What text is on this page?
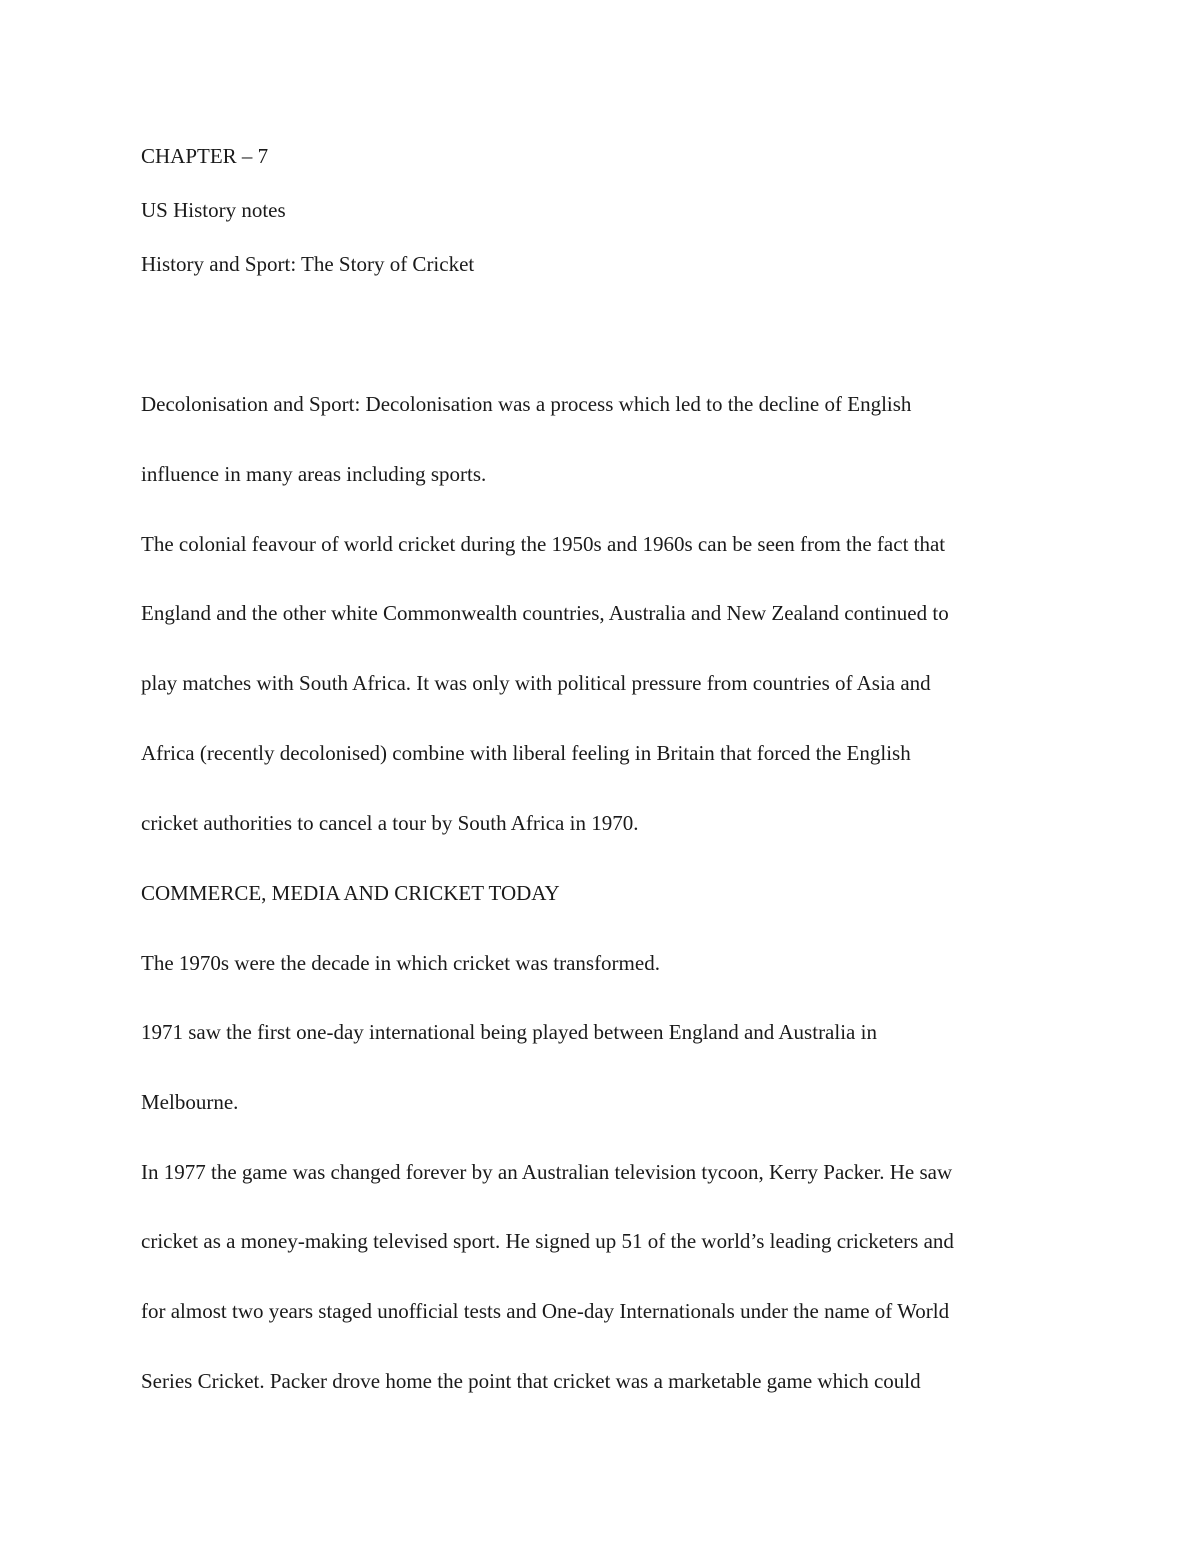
CHAPTER – 7

US History notes

History and Sport: The Story of Cricket

Decolonisation and Sport: Decolonisation was a process which led to the decline of English

influence in many areas including sports.

The colonial feavour of world cricket during the 1950s and 1960s can be seen from the fact that

England and the other white Commonwealth countries, Australia and New Zealand continued to

play matches with South Africa. It was only with political pressure from countries of Asia and

Africa (recently decolonised) combine with liberal feeling in Britain that forced the English

cricket authorities to cancel a tour by South Africa in 1970.

COMMERCE, MEDIA AND CRICKET TODAY

The 1970s were the decade in which cricket was transformed.

1971 saw the first one-day international being played between England and Australia in

Melbourne.

In 1977 the game was changed forever by an Australian television tycoon, Kerry Packer. He saw

cricket as a money-making televised sport. He signed up 51 of the world’s leading cricketers and

for almost two years staged unofficial tests and One-day Internationals under the name of World

Series Cricket. Packer drove home the point that cricket was a marketable game which could
